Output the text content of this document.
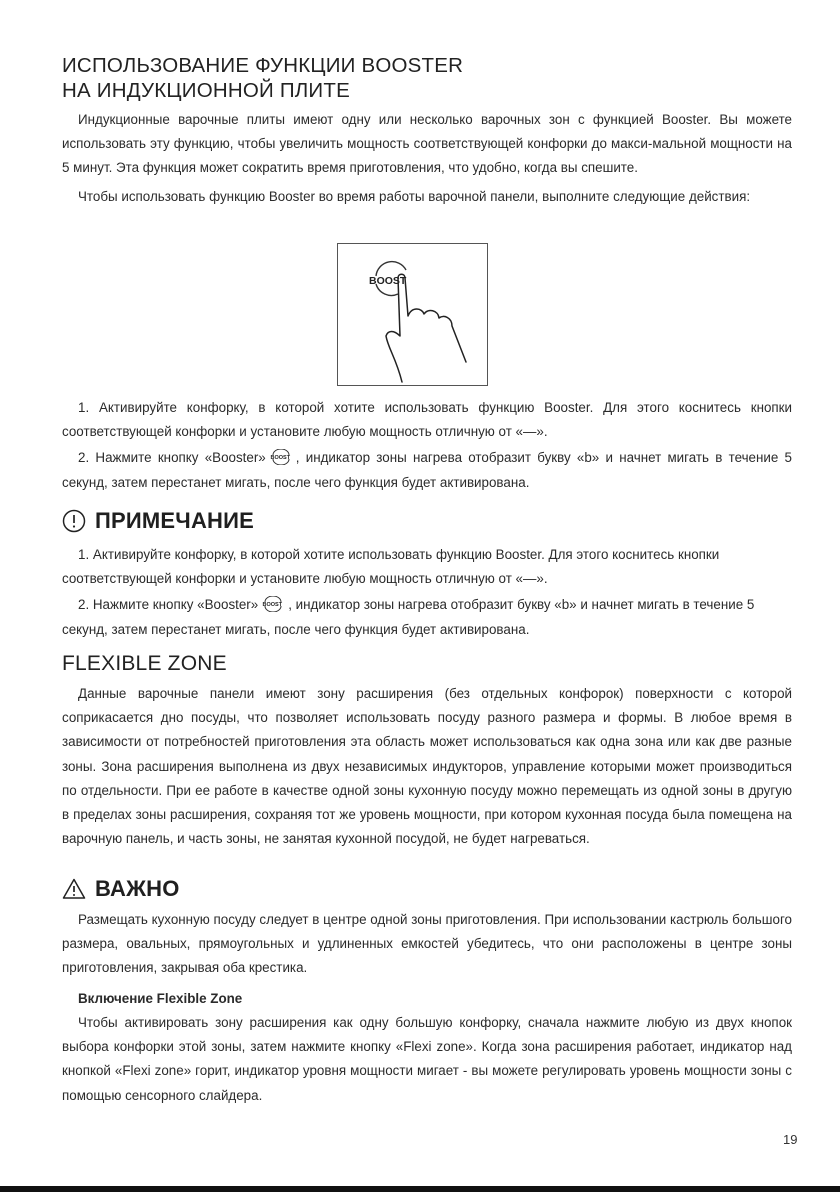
ИСПОЛЬЗОВАНИЕ ФУНКЦИИ BOOSTER
НА ИНДУКЦИОННОЙ ПЛИТЕ

Индукционные варочные плиты имеют одну или несколько варочных зон с функцией Booster. Вы можете использовать эту функцию, чтобы увеличить мощность соответствующей конфорки до макси-мальной мощности на 5 минут. Эта функция может сократить время приготовления, что удобно, когда вы спешите.

Чтобы использовать функцию Booster во время работы варочной панели, выполните следующие действия:

BOOST

1. Активируйте конфорку, в которой хотите использовать функцию Booster. Для этого коснитесь кнопки соответствующей конфорки и установите любую мощность отличную от «—».

2. Нажмите кнопку «Booster» BOOST , индикатор зоны нагрева отобразит букву «b» и начнет мигать в течение 5 секунд, затем перестанет мигать, после чего функция будет активирована.

ПРИМЕЧАНИЕ

1. Активируйте конфорку, в которой хотите использовать функцию Booster. Для этого коснитесь кнопки соответствующей конфорки и установите любую мощность отличную от «—».

2. Нажмите кнопку «Booster» BOOST , индикатор зоны нагрева отобразит букву «b» и начнет мигать в течение 5 секунд, затем перестанет мигать, после чего функция будет активирована.

FLEXIBLE ZONE

Данные варочные панели имеют зону расширения (без отдельных конфорок) поверхности с которой соприкасается дно посуды, что позволяет использовать посуду разного размера и формы. В любое время в зависимости от потребностей приготовления эта область может использоваться как одна зона или как две разные зоны. Зона расширения выполнена из двух независимых индукторов, управление которыми может производиться по отдельности. При ее работе в качестве одной зоны кухонную посуду можно перемещать из одной зоны в другую в пределах зоны расширения, сохраняя тот же уровень мощности, при котором кухонная посуда была помещена на варочную панель, и часть зоны, не занятая кухонной посудой, не будет нагреваться.

ВАЖНО

Размещать кухонную посуду следует в центре одной зоны приготовления. При использовании кастрюль большого размера, овальных, прямоугольных и удлиненных емкостей убедитесь, что они расположены в центре зоны приготовления, закрывая оба крестика.

Включение Flexible Zone

Чтобы активировать зону расширения как одну большую конфорку, сначала нажмите любую из двух кнопок выбора конфорки этой зоны, затем нажмите кнопку «Flexi zone». Когда зона расширения работает, индикатор над кнопкой «Flexi zone» горит, индикатор уровня мощности мигает - вы можете регулировать уровень мощности зоны с помощью сенсорного слайдера.

19
